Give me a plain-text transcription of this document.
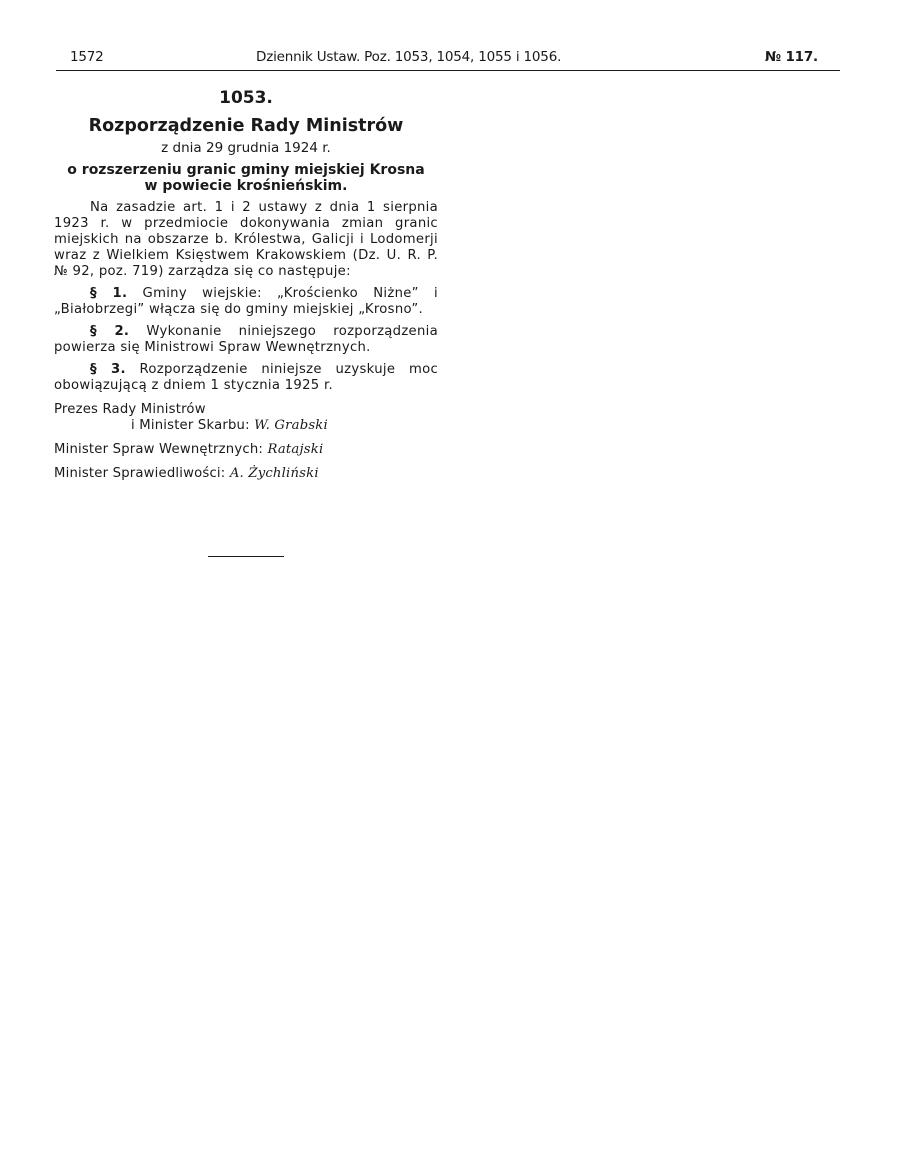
1572	Dziennik Ustaw. Poz. 1053, 1054, 1055 i 1056.	№ 117.
1053.
Rozporządzenie Rady Ministrów
z dnia 29 grudnia 1924 r.
o rozszerzeniu granic gminy miejskiej Krosna
w powiecie krośnieńskim.

Na zasadzie art. 1 i 2 ustawy z dnia 1 sierpnia 1923 r. w przedmiocie dokonywania zmian granic miejskich na obszarze b. Królestwa, Galicji i Lodomerji wraz z Wielkiem Księstwem Krakowskiem (Dz. U. R. P. № 92, poz. 719) zarządza się co następuje:

§ 1. Gminy wiejskie: „Krościenko Niżne” i „Białobrzegi” włącza się do gminy miejskiej „Krosno”.

§ 2. Wykonanie niniejszego rozporządzenia powierza się Ministrowi Spraw Wewnętrznych.

§ 3. Rozporządzenie niniejsze uzyskuje moc obowiązującą z dniem 1 stycznia 1925 r.

Prezes Rady Ministrów
i Minister Skarbu: W. Grabski
Minister Spraw Wewnętrznych: Ratajski
Minister Sprawiedliwości: A. Żychliński
